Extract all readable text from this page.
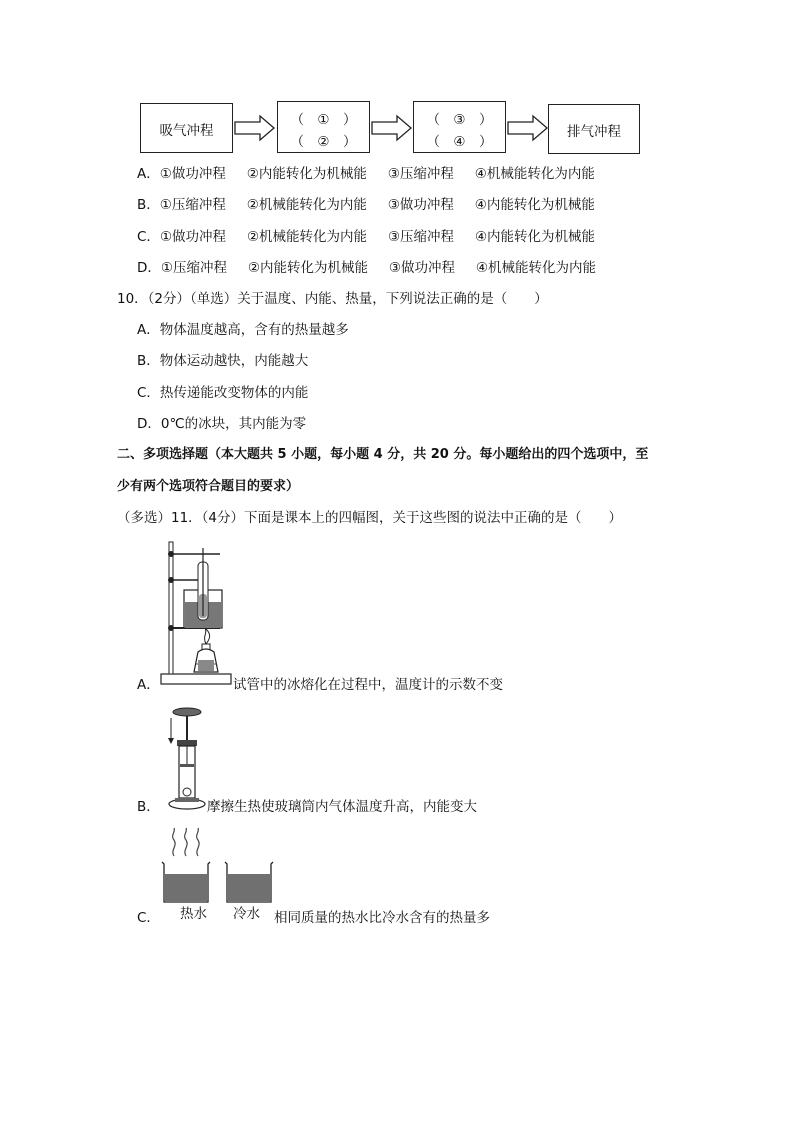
吸气冲程
（　①　）
（　②　）
（　③　）
（　④　）
排气冲程
A．①做功冲程 ②内能转化为机械能 ③压缩冲程 ④机械能转化为内能
B．①压缩冲程 ②机械能转化为内能 ③做功冲程 ④内能转化为机械能
C．①做功冲程 ②机械能转化为内能 ③压缩冲程 ④内能转化为机械能
D．①压缩冲程 ②内能转化为机械能 ③做功冲程 ④机械能转化为内能
10．（2分）（单选）关于温度、内能、热量，下列说法正确的是（　　）
A．物体温度越高，含有的热量越多
B．物体运动越快，内能越大
C．热传递能改变物体的内能
D．0℃的冰块，其内能为零
二、多项选择题（本大题共 5 小题，每小题 4 分，共 20 分。每小题给出的四个选项中，至
少有两个选项符合题目的要求）
（多选）11．（4分）下面是课本上的四幅图，关于这些图的说法中正确的是（　　）
A．	试管中的冰熔化在过程中，温度计的示数不变
B．	摩擦生热使玻璃筒内气体温度升高，内能变大
C． 热水 冷水 相同质量的热水比冷水含有的热量多
